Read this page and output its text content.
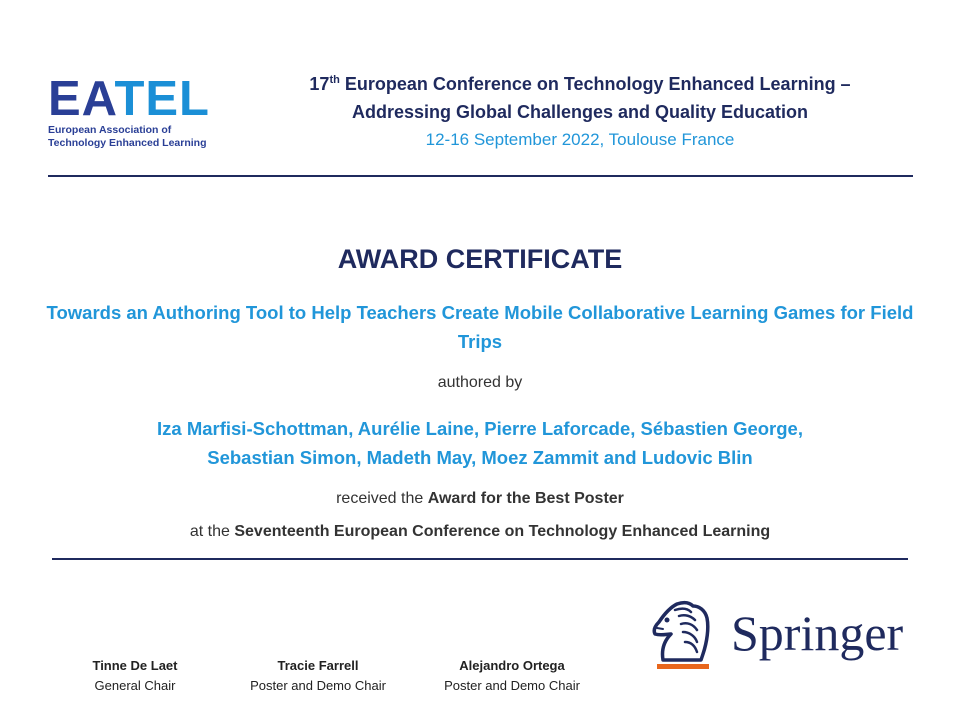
EATEL
European Association of
Technology Enhanced Learning
17th European Conference on Technology Enhanced Learning –
Addressing Global Challenges and Quality Education
12-16 September 2022, Toulouse France
AWARD CERTIFICATE
Towards an Authoring Tool to Help Teachers Create Mobile Collaborative Learning Games for Field Trips
authored by
Iza Marfisi-Schottman, Aurélie Laine, Pierre Laforcade, Sébastien George,
Sebastian Simon, Madeth May, Moez Zammit and Ludovic Blin
received the Award for the Best Poster
at the Seventeenth European Conference on Technology Enhanced Learning
Tinne De Laet
General Chair
Tracie Farrell
Poster and Demo Chair
Alejandro Ortega
Poster and Demo Chair
Springer
